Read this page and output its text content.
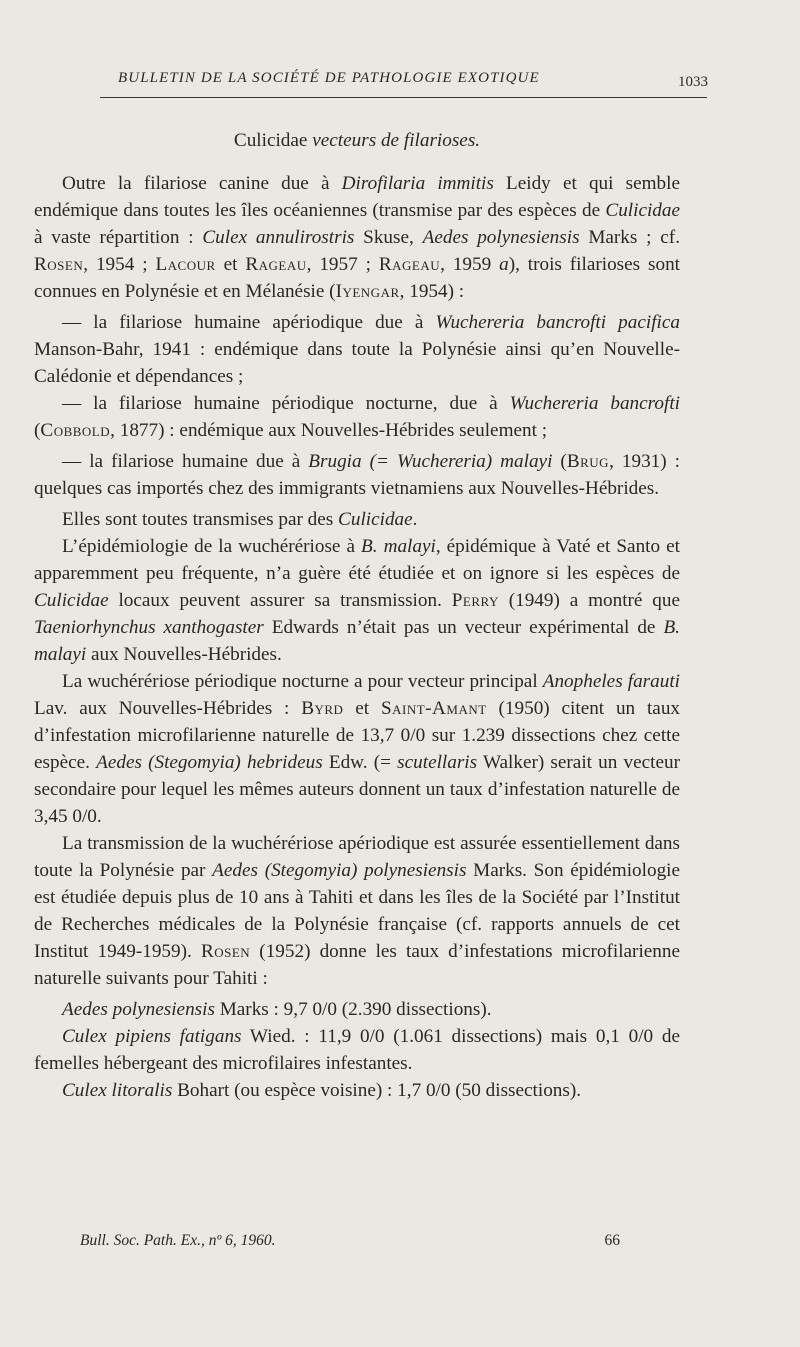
BULLETIN DE LA SOCIÉTÉ DE PATHOLOGIE EXOTIQUE	1033

Culicidae vecteurs de filarioses.

Outre la filariose canine due à Dirofilaria immitis Leidy et qui semble endémique dans toutes les îles océaniennes (transmise par des espèces de Culicidae à vaste répartition : Culex annulirostris Skuse, Aedes polynesiensis Marks ; cf. Rosen, 1954 ; Lacour et Rageau, 1957 ; Rageau, 1959 a), trois filarioses sont connues en Polynésie et en Mélanésie (Iyengar, 1954) :

— la filariose humaine apériodique due à Wuchereria bancrofti pacifica Manson-Bahr, 1941 : endémique dans toute la Polynésie ainsi qu’en Nouvelle-Calédonie et dépendances ;

— la filariose humaine périodique nocturne, due à Wuchereria bancrofti (Cobbold, 1877) : endémique aux Nouvelles-Hébrides seulement ;

— la filariose humaine due à Brugia (= Wuchereria) malayi (Brug, 1931) : quelques cas importés chez des immigrants vietnamiens aux Nouvelles-Hébrides.

Elles sont toutes transmises par des Culicidae.

L’épidémiologie de la wuchérériose à B. malayi, épidémique à Vaté et Santo et apparemment peu fréquente, n’a guère été étudiée et on ignore si les espèces de Culicidae locaux peuvent assurer sa transmission. Perry (1949) a montré que Taeniorhynchus xanthogaster Edwards n’était pas un vecteur expérimental de B. malayi aux Nouvelles-Hébrides.

La wuchérériose périodique nocturne a pour vecteur principal Anopheles farauti Lav. aux Nouvelles-Hébrides : Byrd et Saint-Amant (1950) citent un taux d’infestation microfilarienne naturelle de 13,7 0/0 sur 1.239 dissections chez cette espèce. Aedes (Stegomyia) hebrideus Edw. (= scutellaris Walker) serait un vecteur secondaire pour lequel les mêmes auteurs donnent un taux d’infestation naturelle de 3,45 0/0.

La transmission de la wuchérériose apériodique est assurée essentiellement dans toute la Polynésie par Aedes (Stegomyia) polynesiensis Marks. Son épidémiologie est étudiée depuis plus de 10 ans à Tahiti et dans les îles de la Société par l’Institut de Recherches médicales de la Polynésie française (cf. rapports annuels de cet Institut 1949-1959). Rosen (1952) donne les taux d’infestations microfilarienne naturelle suivants pour Tahiti :

Aedes polynesiensis Marks : 9,7 0/0 (2.390 dissections).

Culex pipiens fatigans Wied. : 11,9 0/0 (1.061 dissections) mais 0,1 0/0 de femelles hébergeant des microfilaires infestantes.

Culex litoralis Bohart (ou espèce voisine) : 1,7 0/0 (50 dissections).

Bull. Soc. Path. Ex., nº 6, 1960.	66
